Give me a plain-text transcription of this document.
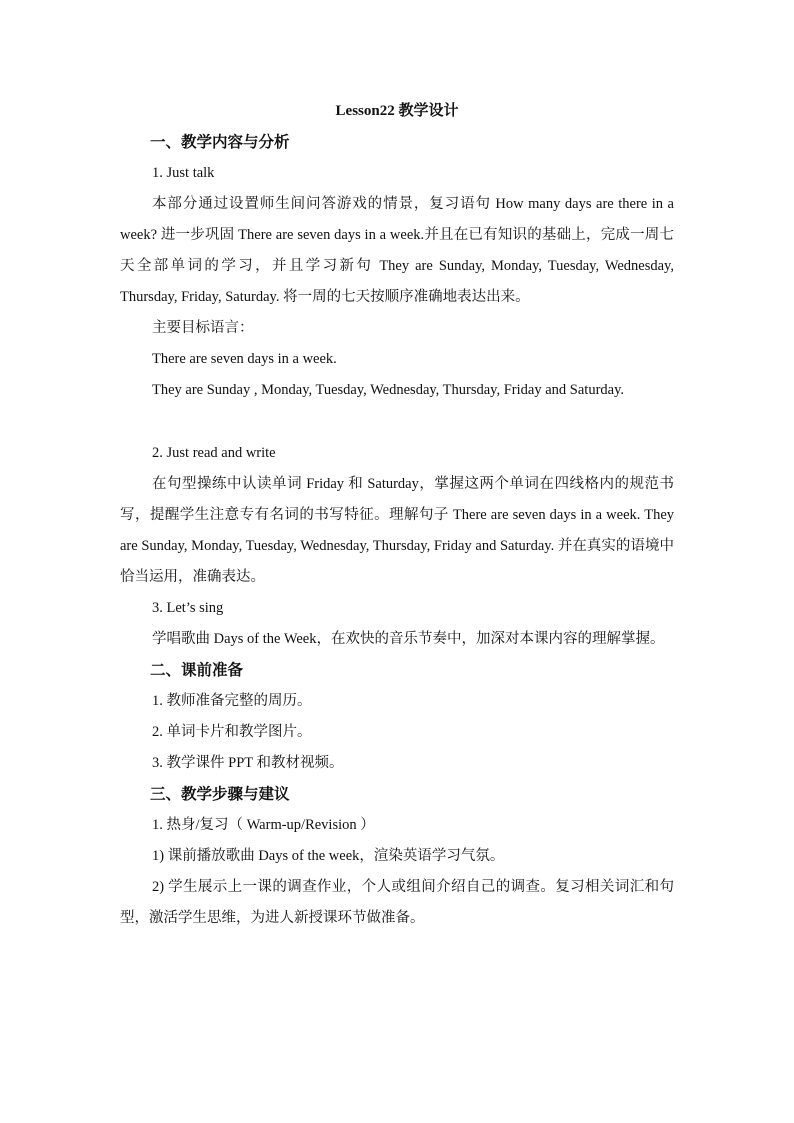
Lesson22 教学设计
一、教学内容与分析
1. Just talk
本部分通过设置师生间问答游戏的情景，复习语句 How many days are there in a week? 进一步巩固 There are seven days in a week.并且在已有知识的基础上，完成一周七天全部单词的学习，并且学习新句 They are Sunday, Monday, Tuesday, Wednesday, Thursday, Friday, Saturday. 将一周的七天按顺序准确地表达出来。
主要目标语言：
There are seven days in a week.
They are Sunday , Monday, Tuesday, Wednesday, Thursday, Friday and Saturday.
2. Just read and write
在句型操练中认读单词 Friday 和 Saturday，掌握这两个单词在四线格内的规范书写，提醒学生注意专有名词的书写特征。理解句子 There are seven days in a week. They are Sunday, Monday, Tuesday, Wednesday, Thursday, Friday and Saturday. 并在真实的语境中恰当运用，准确表达。
3. Let’s sing
学唱歌曲 Days of the Week，在欢快的音乐节奏中，加深对本课内容的理解掌握。
二、课前准备
1. 教师准备完整的周历。
2. 单词卡片和教学图片。
3. 教学课件 PPT 和教材视频。
三、教学步骤与建议
1. 热身/复习（ Warm-up/Revision ）
1) 课前播放歌曲 Days of the week，渲染英语学习气氛。
2) 学生展示上一课的调查作业，个人或组间介绍自己的调查。复习相关词汇和句型，激活学生思维，为进人新授课环节做准备。
